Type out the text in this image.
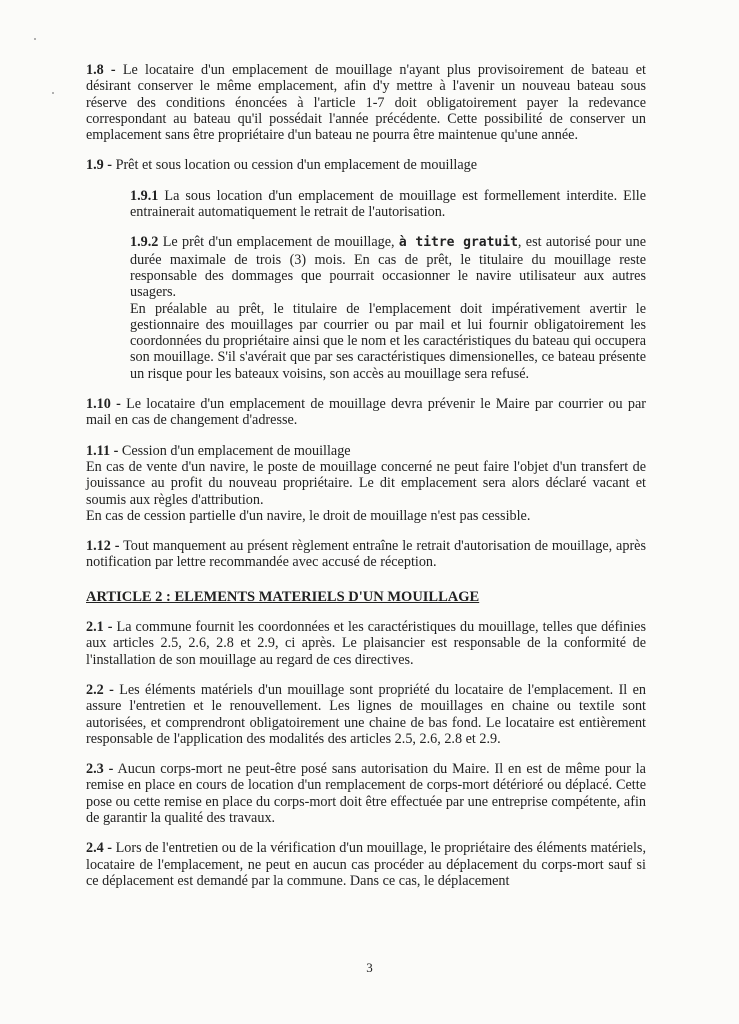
1.8 - Le locataire d'un emplacement de mouillage n'ayant plus provisoirement de bateau et désirant conserver le même emplacement, afin d'y mettre à l'avenir un nouveau bateau sous réserve des conditions énoncées à l'article 1-7 doit obligatoirement payer la redevance correspondant au bateau qu'il possédait l'année précédente. Cette possibilité de conserver un emplacement sans être propriétaire d'un bateau ne pourra être maintenue qu'une année.

1.9 - Prêt et sous location ou cession d'un emplacement de mouillage

1.9.1 La sous location d'un emplacement de mouillage est formellement interdite. Elle entrainerait automatiquement le retrait de l'autorisation.

1.9.2 Le prêt d'un emplacement de mouillage, à titre gratuit, est autorisé pour une durée maximale de trois (3) mois. En cas de prêt, le titulaire du mouillage reste responsable des dommages que pourrait occasionner le navire utilisateur aux autres usagers.

En préalable au prêt, le titulaire de l'emplacement doit impérativement avertir le gestionnaire des mouillages par courrier ou par mail et lui fournir obligatoirement les coordonnées du propriétaire ainsi que le nom et les caractéristiques du bateau qui occupera son mouillage. S'il s'avérait que par ses caractéristiques dimensionelles, ce bateau présente un risque pour les bateaux voisins, son accès au mouillage sera refusé.

1.10 - Le locataire d'un emplacement de mouillage devra prévenir le Maire par courrier ou par mail en cas de changement d'adresse.

1.11 - Cession d'un emplacement de mouillage

En cas de vente d'un navire, le poste de mouillage concerné ne peut faire l'objet d'un transfert de jouissance au profit du nouveau propriétaire. Le dit emplacement sera alors déclaré vacant et soumis aux règles d'attribution.

En cas de cession partielle d'un navire, le droit de mouillage n'est pas cessible.

1.12 - Tout manquement au présent règlement entraîne le retrait d'autorisation de mouillage, après notification par lettre recommandée avec accusé de réception.

ARTICLE 2 : ELEMENTS MATERIELS D'UN MOUILLAGE

2.1 - La commune fournit les coordonnées et les caractéristiques du mouillage, telles que définies aux articles 2.5, 2.6, 2.8 et 2.9, ci après. Le plaisancier est responsable de la conformité de l'installation de son mouillage au regard de ces directives.

2.2 - Les éléments matériels d'un mouillage sont propriété du locataire de l'emplacement. Il en assure l'entretien et le renouvellement. Les lignes de mouillages en chaine ou textile sont autorisées, et comprendront obligatoirement une chaine de bas fond. Le locataire est entièrement responsable de l'application des modalités des articles 2.5, 2.6, 2.8 et 2.9.

2.3 - Aucun corps-mort ne peut-être posé sans autorisation du Maire. Il en est de même pour la remise en place en cours de location d'un remplacement de corps-mort détérioré ou déplacé. Cette pose ou cette remise en place du corps-mort doit être effectuée par une entreprise compétente, afin de garantir la qualité des travaux.

2.4 - Lors de l'entretien ou de la vérification d'un mouillage, le propriétaire des éléments matériels, locataire de l'emplacement, ne peut en aucun cas procéder au déplacement du corps-mort sauf si ce déplacement est demandé par la commune. Dans ce cas, le déplacement

3
